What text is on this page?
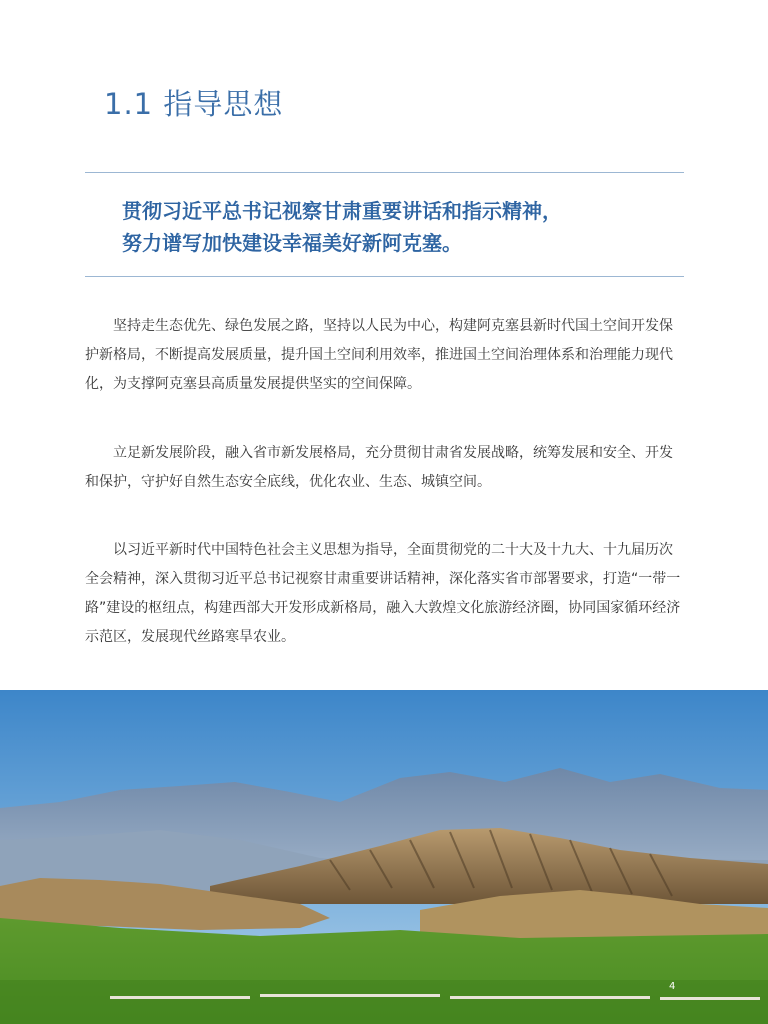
1.1 指导思想
贯彻习近平总书记视察甘肃重要讲话和指示精神，
努力谱写加快建设幸福美好新阿克塞。

坚持走生态优先、绿色发展之路，坚持以人民为中心，构建阿克塞县新时代国土空间开发保护新格局，不断提高发展质量，提升国土空间利用效率，推进国土空间治理体系和治理能力现代化，为支撑阿克塞县高质量发展提供坚实的空间保障。

立足新发展阶段，融入省市新发展格局，充分贯彻甘肃省发展战略，统筹发展和安全、开发和保护，守护好自然生态安全底线，优化农业、生态、城镇空间。

以习近平新时代中国特色社会主义思想为指导，全面贯彻党的二十大及十九大、十九届历次全会精神，深入贯彻习近平总书记视察甘肃重要讲话精神，深化落实省市部署要求，打造“一带一路”建设的枢纽点，构建西部大开发形成新格局，融入大敦煌文化旅游经济圈，协同国家循环经济示范区，发展现代丝路寒旱农业。

4
